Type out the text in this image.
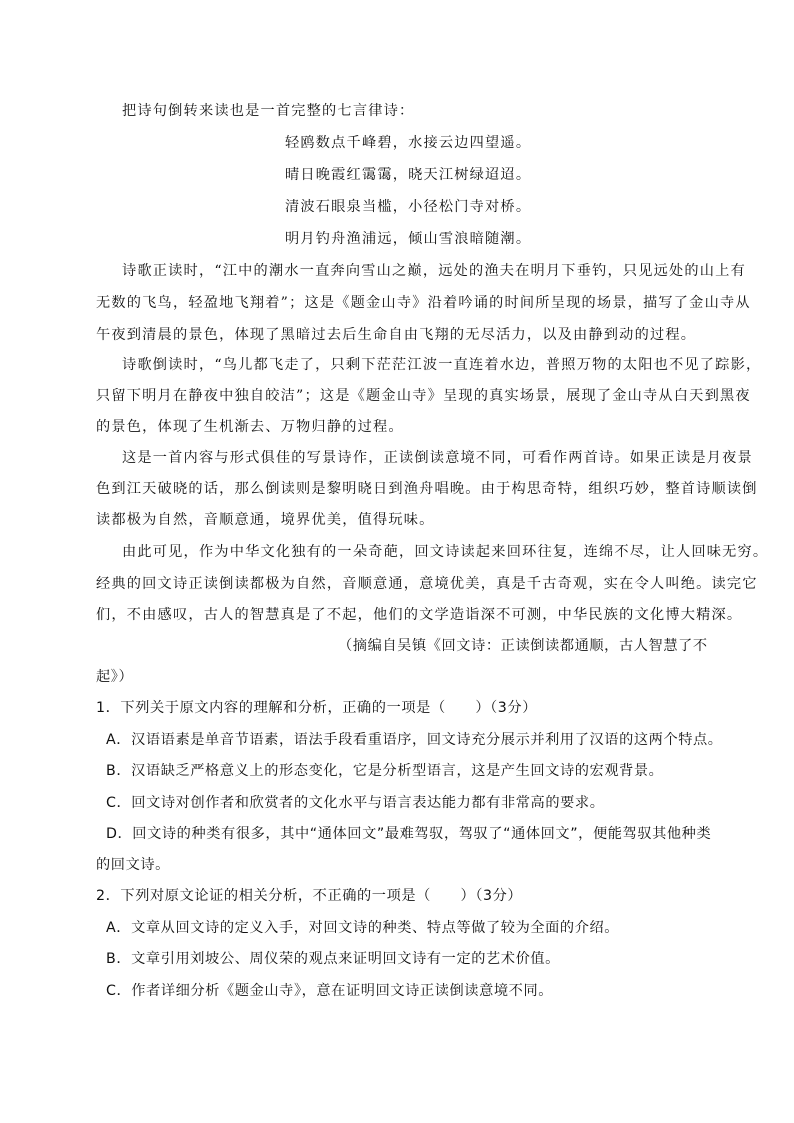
把诗句倒转来读也是一首完整的七言律诗：
轻鸥数点千峰碧，水接云边四望遥。
晴日晚霞红霭霭，晓天江树绿迢迢。
清波石眼泉当槛，小径松门寺对桥。
明月钓舟渔浦远，倾山雪浪暗随潮。
诗歌正读时，“江中的潮水一直奔向雪山之巅，远处的渔夫在明月下垂钓，只见远处的山上有
无数的飞鸟，轻盈地飞翔着”；这是《题金山寺》沿着吟诵的时间所呈现的场景，描写了金山寺从
午夜到清晨的景色，体现了黑暗过去后生命自由飞翔的无尽活力，以及由静到动的过程。
诗歌倒读时，“鸟儿都飞走了，只剩下茫茫江波一直连着水边，普照万物的太阳也不见了踪影，
只留下明月在静夜中独自皎洁”；这是《题金山寺》呈现的真实场景，展现了金山寺从白天到黑夜
的景色，体现了生机渐去、万物归静的过程。
这是一首内容与形式俱佳的写景诗作，正读倒读意境不同，可看作两首诗。如果正读是月夜景
色到江天破晓的话，那么倒读则是黎明晓日到渔舟唱晚。由于构思奇特，组织巧妙，整首诗顺读倒
读都极为自然，音顺意通，境界优美，值得玩味。
由此可见，作为中华文化独有的一朵奇葩，回文诗读起来回环往复，连绵不尽，让人回味无穷。
经典的回文诗正读倒读都极为自然，音顺意通，意境优美，真是千古奇观，实在令人叫绝。读完它
们，不由感叹，古人的智慧真是了不起，他们的文学造诣深不可测，中华民族的文化博大精深。
（摘编自吴镇《回文诗：正读倒读都通顺，古人智慧了不
起》）
1．下列关于原文内容的理解和分析，正确的一项是（　　）（3分）
A．汉语语素是单音节语素，语法手段看重语序，回文诗充分展示并利用了汉语的这两个特点。
B．汉语缺乏严格意义上的形态变化，它是分析型语言，这是产生回文诗的宏观背景。
C．回文诗对创作者和欣赏者的文化水平与语言表达能力都有非常高的要求。
D．回文诗的种类有很多，其中“通体回文”最难驾驭，驾驭了“通体回文”，便能驾驭其他种类
的回文诗。
2．下列对原文论证的相关分析，不正确的一项是（　　）（3分）
A．文章从回文诗的定义入手，对回文诗的种类、特点等做了较为全面的介绍。
B．文章引用刘坡公、周仪荣的观点来证明回文诗有一定的艺术价值。
C．作者详细分析《题金山寺》，意在证明回文诗正读倒读意境不同。
